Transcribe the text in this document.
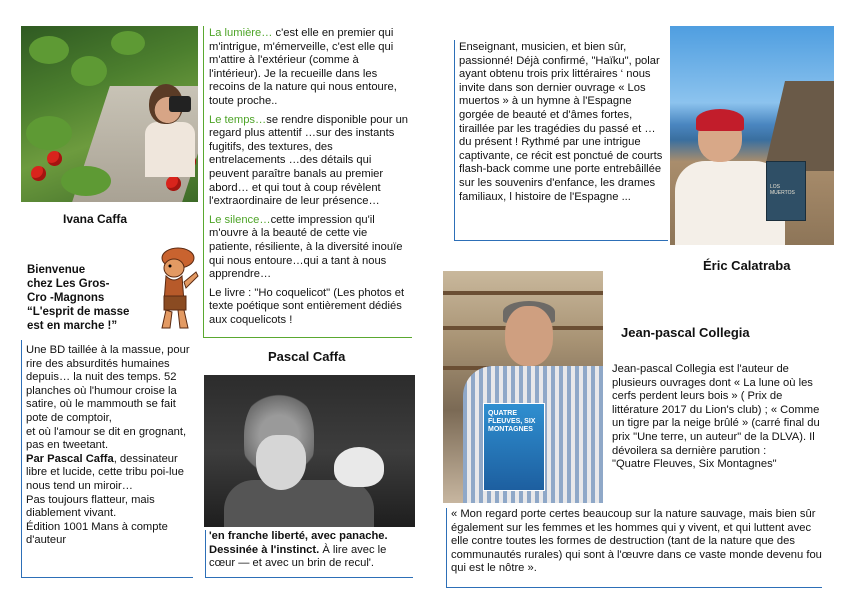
Ivana Caffa

La lumière… c'est elle en premier qui m'intrigue, m'émerveille, c'est elle qui m'attire à l'extérieur (comme à l'intérieur). Je la recueille dans les recoins de la nature qui nous entoure, toute proche..

Le temps…se rendre disponible pour un regard plus attentif …sur des instants fugitifs, des textures, des entrelacements …des détails qui peuvent paraître banals au premier abord… et qui tout à coup révèlent l'extraordinaire de leur présence…

Le silence…cette impression qu'il m'ouvre à la beauté de cette vie patiente, résiliente, à la diversité inouïe qui nous entoure…qui a tant à nous apprendre…

Le livre : "Ho coquelicot" (Les photos et texte poétique sont entièrement dédiés aux coquelicots !

Bienvenue
chez Les Gros-
Cro -Magnons
“L'esprit de masse
est en marche !”
Une BD taillée à la massue, pour rire des absurdités humaines depuis… la nuit des temps. 52 planches où l'humour croise la satire, où le mammouth se fait pote de comptoir,
et où l'amour se dit en grognant, pas en tweetant.
Par Pascal Caffa, dessinateur libre et lucide, cette tribu poi-lue nous tend un miroir…
Pas toujours flatteur, mais diablement vivant.
Édition 1001 Mans à compte d'auteur
Pascal Caffa
'en franche liberté, avec panache. Dessinée à l'instinct. À lire avec le cœur — et avec un brin de recul'.
Enseignant, musicien, et bien sûr, passionné! Déjà confirmé, "Haïku", polar ayant obtenu trois prix littéraires ‘ nous invite dans son dernier ouvrage « Los muertos » à un hymne à l'Espagne gorgée de beauté et d'âmes fortes, tiraillée par les tragédies du passé et … du présent ! Rythmé par une intrigue captivante, ce récit est ponctué de courts flash-back comme une porte entrebâillée sur les souvenirs d'enfance, les drames familiaux, l histoire de l'Espagne ...
LOS MUERTOS
Éric Calatraba
QUATRE FLEUVES, SIX MONTAGNES
Jean-pascal Collegia
Jean-pascal Collegia est l'auteur de plusieurs ouvrages dont « La lune où les cerfs perdent leurs bois » ( Prix de littérature 2017 du Lion's club) ; « Comme un tigre par la neige brûlé » (carré final du prix "Une terre, un auteur" de la DLVA). Il dévoilera sa dernière parution :
"Quatre Fleuves, Six Montagnes"
« Mon regard porte certes beaucoup sur la nature sauvage, mais bien sûr également sur les femmes et les hommes qui y vivent, et qui luttent avec elle contre toutes les formes de destruction (tant de la nature que des communautés rurales) qui sont à l'œuvre dans ce vaste monde devenu fou qui est le nôtre ».
